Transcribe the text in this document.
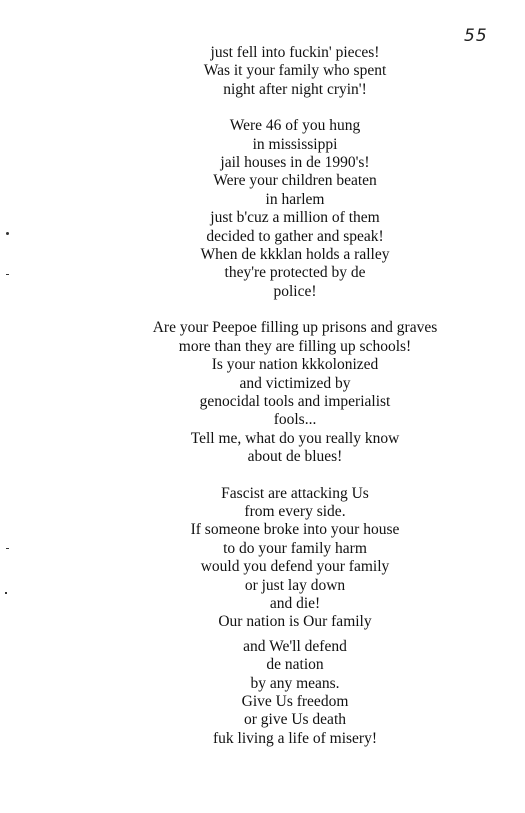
55
just fell into fuckin' pieces!
Was it your family who spent
night after night cryin'!
Were 46 of you hung
in mississippi
jail houses in de 1990's!
Were your children beaten
in harlem
just b'cuz a million of them
decided to gather and speak!
When de kkklan holds a ralley
they're protected by de
police!
Are your Peepoe filling up prisons and graves
more than they are filling up schools!
Is your nation kkkolonized
and victimized by
genocidal tools and imperialist
fools...
Tell me, what do you really know
about de blues!
Fascist are attacking Us
from every side.
If someone broke into your house
to do your family harm
would you defend your family
or just lay down
and die!
Our nation is Our family
and We'll defend
de nation
by any means.
Give Us freedom
or give Us death
fuk living a life of misery!
